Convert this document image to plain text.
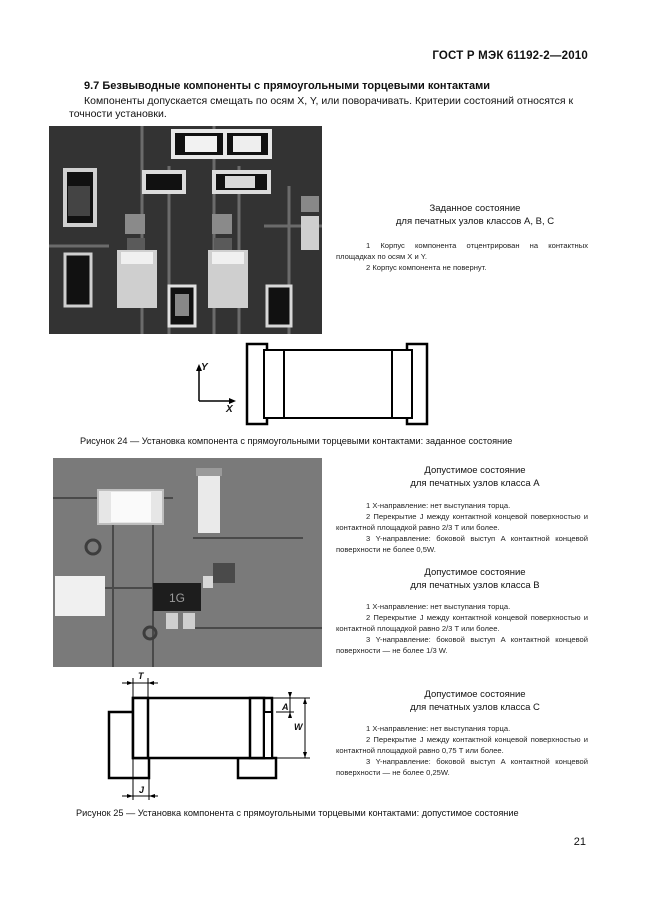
ГОСТ Р МЭК 61192-2—2010
9.7 Безвыводные компоненты с прямоугольными торцевыми контактами
Компоненты допускается смещать по осям X, Y, или поворачивать. Критерии состояний относятся к
точности установки.
Заданное состояние
для печатных узлов классов А, В, С

1 Корпус компонента отцентрирован на контактных площадках по осям X и Y.

2 Корпус компонента не повернут.

Y
X
Рисунок 24 — Установка компонента с прямоугольными торцевыми контактами: заданное состояние
1G
Допустимое состояние
для печатных узлов класса А

1 X-направление: нет выступания торца.

2 Перекрытие J между контактной концевой поверхностью и контактной площадкой равно 2/3 T или более.

3 Y-направление: боковой выступ A контактной концевой поверхности не более 0,5W.

Допустимое состояние
для печатных узлов класса В

1 X-направление: нет выступания торца.

2 Перекрытие J между контактной концевой поверхностью и контактной площадкой равно 2/3 T или более.

3 Y-направление: боковой выступ A контактной концевой поверхности — не более 1/3 W.

T
J
A
W
Допустимое состояние
для печатных узлов класса С

1 X-направление: нет выступания торца.

2 Перекрытие J между контактной концевой поверхностью и контактной площадкой равно 0,75 T или более.

3 Y-направление: боковой выступ A контактной концевой поверхности — не более 0,25W.

Рисунок 25 — Установка компонента с прямоугольными торцевыми контактами: допустимое состояние
21
